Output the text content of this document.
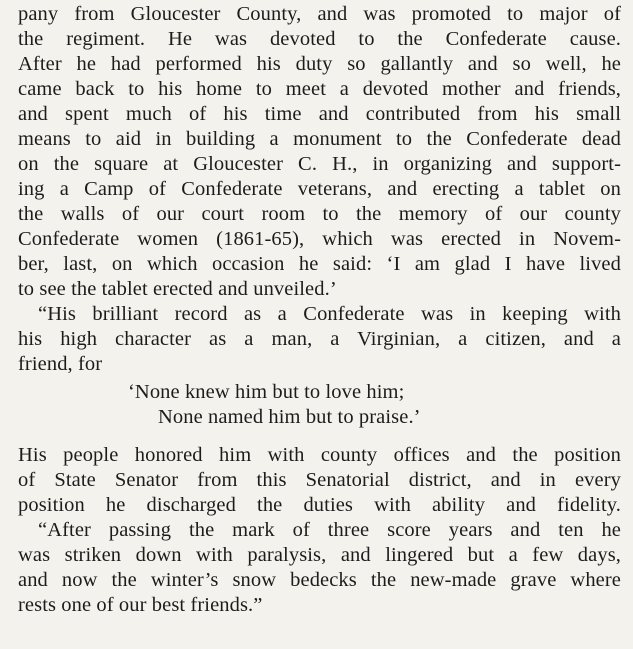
pany from Gloucester County, and was promoted to major of
the regiment. He was devoted to the Confederate cause.
After he had performed his duty so gallantly and so well, he
came back to his home to meet a devoted mother and friends,
and spent much of his time and contributed from his small
means to aid in building a monument to the Confederate dead
on the square at Gloucester C. H., in organizing and support-
ing a Camp of Confederate veterans, and erecting a tablet on
the walls of our court room to the memory of our county
Confederate women (1861-65), which was erected in Novem-
ber, last, on which occasion he said: ‘I am glad I have lived
to see the tablet erected and unveiled.’
“His brilliant record as a Confederate was in keeping with
his high character as a man, a Virginian, a citizen, and a
friend, for
‘None knew him but to love him;
None named him but to praise.’
His people honored him with county offices and the position
of State Senator from this Senatorial district, and in every
position he discharged the duties with ability and fidelity.
“After passing the mark of three score years and ten he
was striken down with paralysis, and lingered but a few days,
and now the winter’s snow bedecks the new-made grave where
rests one of our best friends.”
